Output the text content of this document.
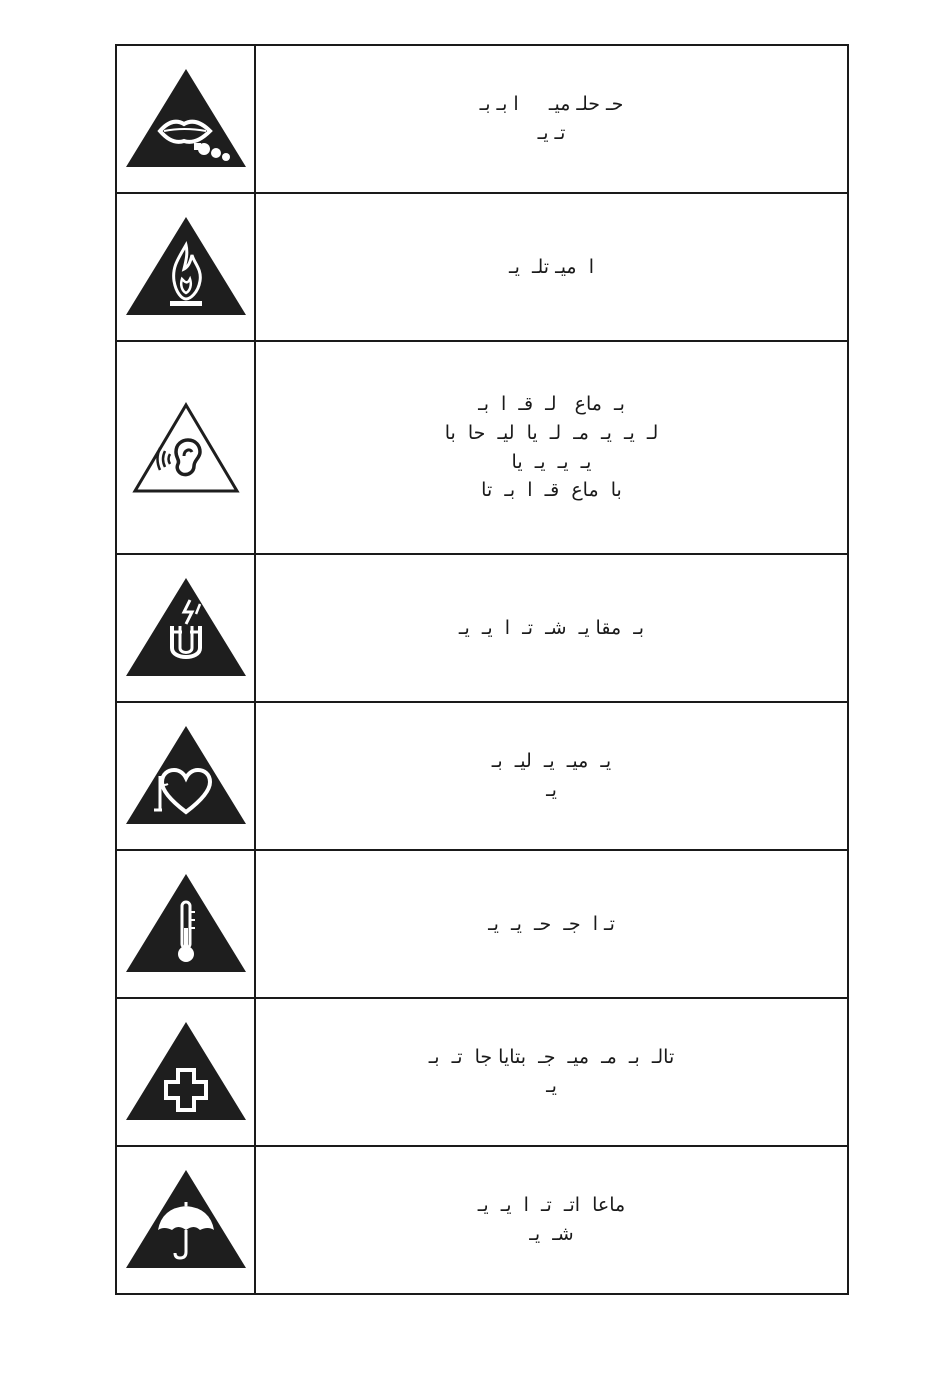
حـ حلـ ميـ     ا بـ بـ
تـ يـ

ا  ميـ تلـ  يـ

بـ  ماع   لـ  قـ  ا  بـ
لـ  يـ  يـ  مـ  لـ  يا  ليـ  حا  با
يـ  يـ  يـ  يا
با  ماع  قـ  ا  بـ  تا

بـ  مقا يـ  شـ  تـ  ا  يـ  يـ

يـ  ميـ  يـ  ليـ  بـ
يـ

تـ ا  جـ  حـ  يـ  يـ

تالـ  بـ  مـ  ميـ  جـ  بتايا جا  تـ  بـ
يـ

ماعا  اتـ  تـ  ا  يـ  يـ
شـ  يـ
